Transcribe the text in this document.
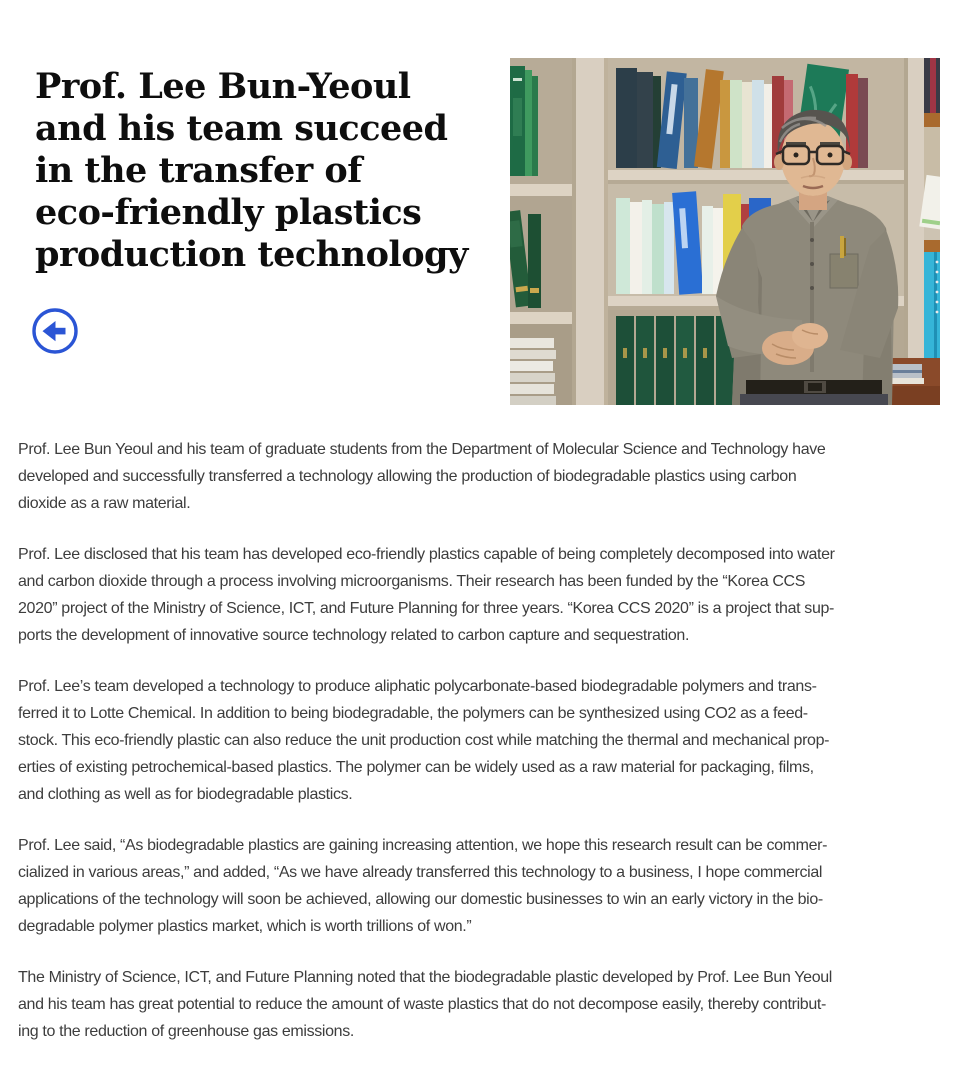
Prof. Lee Bun-Yeoul
and his team succeed
in the transfer of
eco-friendly plastics
production technology
Prof. Lee Bun Yeoul and his team of graduate students from the Department of Molecular Science and Technology have
developed and successfully transferred a technology allowing the production of biodegradable plastics using carbon
dioxide as a raw material.
Prof. Lee disclosed that his team has developed eco-friendly plastics capable of being completely decomposed into water
and carbon dioxide through a process involving microorganisms. Their research has been funded by the “Korea CCS
2020” project of the Ministry of Science, ICT, and Future Planning for three years. “Korea CCS 2020” is a project that sup-
ports the development of innovative source technology related to carbon capture and sequestration.
Prof. Lee’s team developed a technology to produce aliphatic polycarbonate-based biodegradable polymers and trans-
ferred it to Lotte Chemical. In addition to being biodegradable, the polymers can be synthesized using CO2 as a feed-
stock. This eco-friendly plastic can also reduce the unit production cost while matching the thermal and mechanical prop-
erties of existing petrochemical-based plastics. The polymer can be widely used as a raw material for packaging, films,
and clothing as well as for biodegradable plastics.
Prof. Lee said, “As biodegradable plastics are gaining increasing attention, we hope this research result can be commer-
cialized in various areas,” and added, “As we have already transferred this technology to a business, I hope commercial
applications of the technology will soon be achieved, allowing our domestic businesses to win an early victory in the bio-
degradable polymer plastics market, which is worth trillions of won.”
The Ministry of Science, ICT, and Future Planning noted that the biodegradable plastic developed by Prof. Lee Bun Yeoul
and his team has great potential to reduce the amount of waste plastics that do not decompose easily, thereby contribut-
ing to the reduction of greenhouse gas emissions.
